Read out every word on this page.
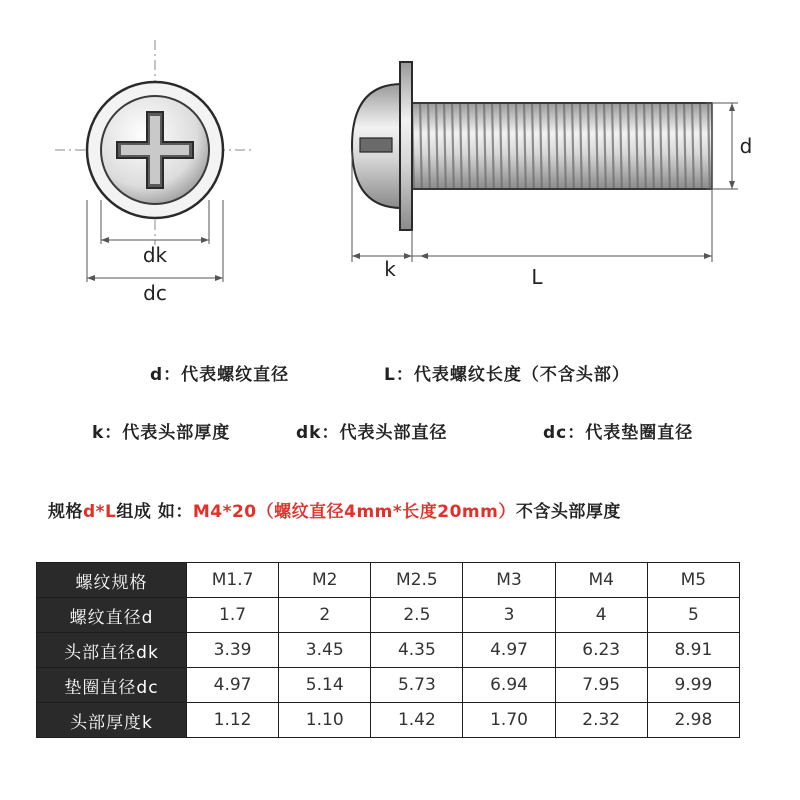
dk
dc
d
k	L
d：代表螺纹直径	L：代表螺纹长度（不含头部）
k：代表头部厚度	dk：代表头部直径	dc：代表垫圈直径
规格d*L组成 如：M4*20（螺纹直径4mm*长度20mm）不含头部厚度
螺纹规格	M1.7	M2	M2.5	M3	M4	M5
螺纹直径d	1.7	2	2.5	3	4	5
头部直径dk	3.39	3.45	4.35	4.97	6.23	8.91
垫圈直径dc	4.97	5.14	5.73	6.94	7.95	9.99
头部厚度k	1.12	1.10	1.42	1.70	2.32	2.98
